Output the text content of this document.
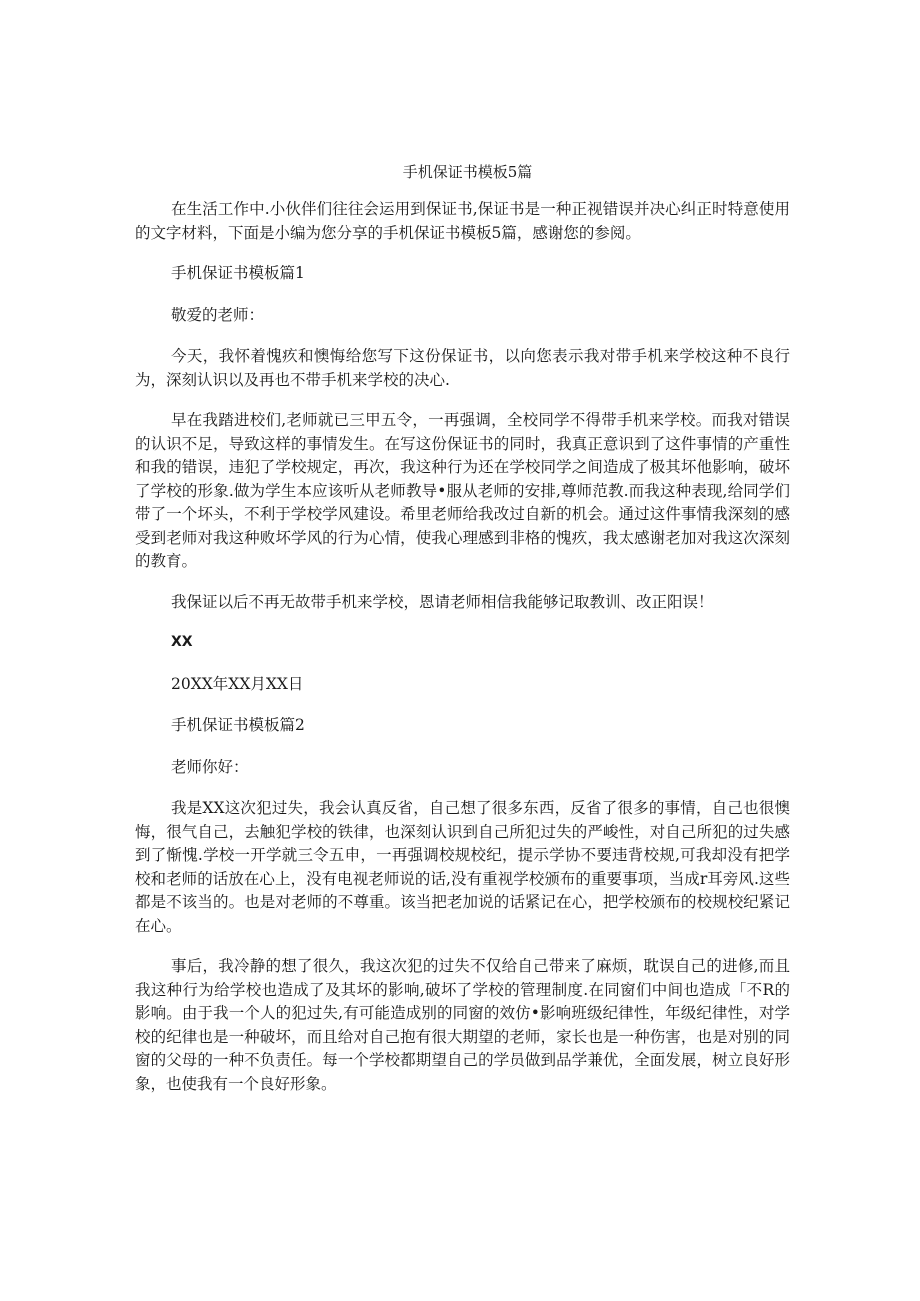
手机保证书模板5篇

在生活工作中.小伙伴们往往会运用到保证书,保证书是一种正视错误并决心纠正时特意使用的文字材料，下面是小编为您分享的手机保证书模板5篇，感谢您的参阅。

手机保证书模板篇1

敬爱的老师：

今天，我怀着愧疚和懊悔给您写下这份保证书，以向您表示我对带手机来学校这种不良行为，深刻认识以及再也不带手机来学校的决心.

早在我踏进校们,老师就已三甲五令，一再强调，全校同学不得带手机来学校。而我对错误的认识不足，导致这样的事情发生。在写这份保证书的同时，我真正意识到了这件事情的产重性和我的错误，违犯了学校规定，再次，我这种行为还在学校同学之间造成了极其坏他影响，破坏了学校的形象.做为学生本应该听从老师教导•服从老师的安排,尊师范教.而我这种表现,给同学们带了一个坏头，不利于学校学风建设。希里老师给我改过自新的机会。通过这件事情我深刻的感受到老师对我这种败坏学风的行为心情，使我心理感到非格的愧疚，我太感谢老加对我这次深刻的教育。

我保证以后不再无故带手机来学校，恩请老师相信我能够记取教训、改正阳误！

XX

20XX年XX月XX日

手机保证书模板篇2

老师你好：

我是XX这次犯过失，我会认真反省，自己想了很多东西，反省了很多的事情，自己也很懊悔，很气自己，去触犯学校的铁律，也深刻认识到自己所犯过失的严峻性，对自己所犯的过失感到了惭愧.学校一开学就三令五申，一再强调校规校纪，提示学协不要违背校规,可我却没有把学校和老师的话放在心上，没有电视老师说的话,没有重视学校颁布的重要事项，当成r耳旁风.这些都是不该当的。也是对老师的不尊重。该当把老加说的话紧记在心，把学校颁布的校规校纪紧记在心。

事后，我冷静的想了很久，我这次犯的过失不仅给自己带来了麻烦，耽误自己的进修,而且我这种行为给学校也造成了及其坏的影响,破坏了学校的管理制度.在同窗们中间也造成「不R的影响。由于我一个人的犯过失,有可能造成别的同窗的效仿•影响班级纪律性，年级纪律性，对学校的纪律也是一种破坏，而且给对自己抱有很大期望的老师，家长也是一种伤害，也是对别的同窗的父母的一种不负责任。每一个学校都期望自己的学员做到品学兼优，全面发展，树立良好形象，也使我有一个良好形象。
